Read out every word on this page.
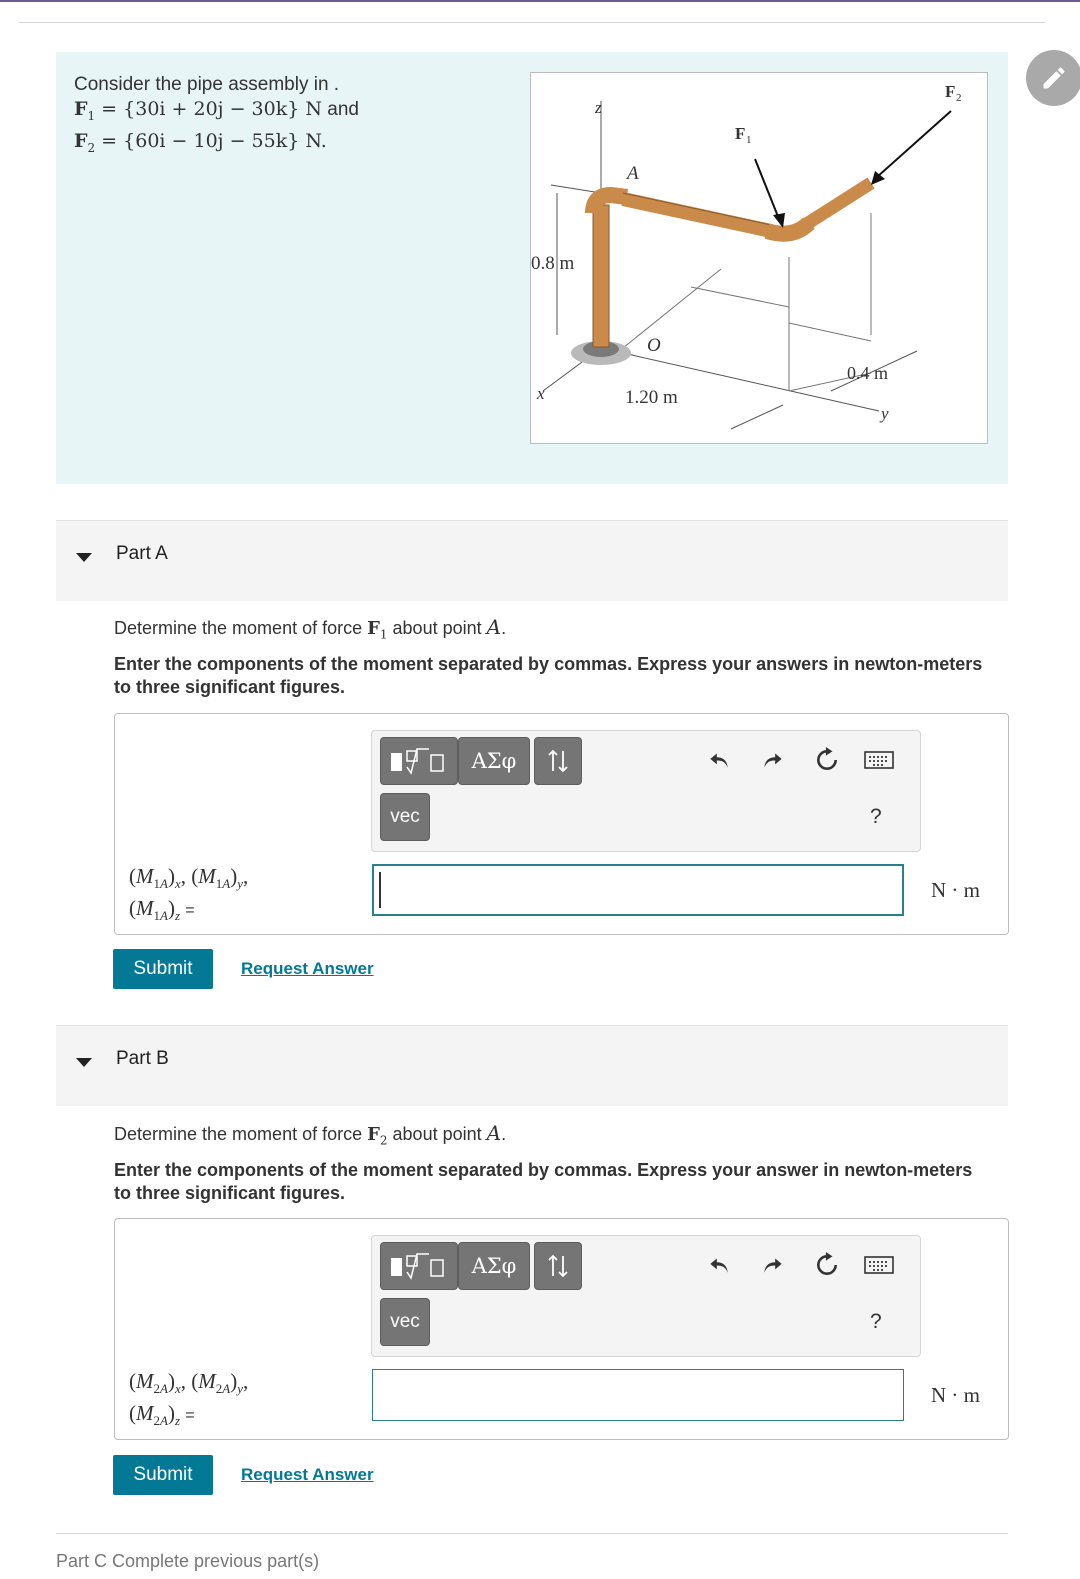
Consider the pipe assembly in .
$F_1 = \{30i + 20j - 30k\}$ N and
$F_2 = \{60i - 10j - 55k\}$ N.
z
A
F 1
F 2
0.8 m
O
x	1.20 m
0.4 m
y
Part A
Determine the moment of force $F_1$ about point A.
Enter the components of the moment separated by commas. Express your answers in newton-meters to three significant figures.
ΑΣφ
vec	?
$(M_{1A})_x$, $(M_{1A})_y$,
$(M_{1A})_z$ =
N · m
Submit	Request Answer
Part B
Determine the moment of force $F_2$ about point A.
Enter the components of the moment separated by commas. Express your answer in newton-meters to three significant figures.
ΑΣφ
vec	?
$(M_{2A})_x$, $(M_{2A})_y$,
$(M_{2A})_z$ =
N · m
Submit	Request Answer
Part C Complete previous part(s)
